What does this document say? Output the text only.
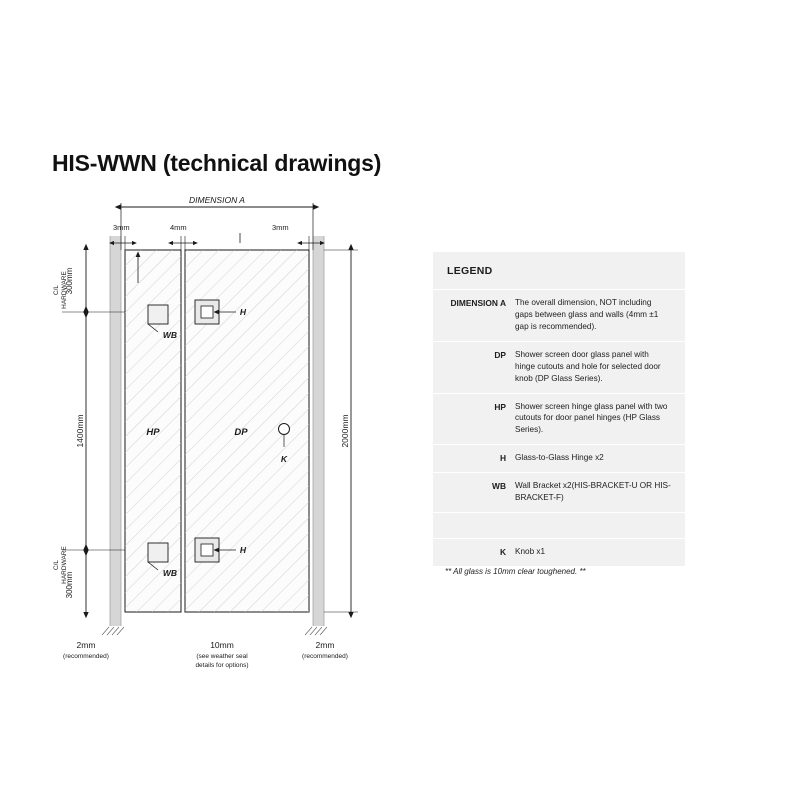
HIS-WWN (technical drawings)
HP	DP
DIMENSION A
3mm	4mm	3mm
2000mm
1400mm
300mm
C/L HARDWARE
300mm
C/L HARDWARE
H
WB
H
WB
K
2mm
(recommended)
10mm
(see weather seal
details for options)
2mm
(recommended)
LEGEND
DIMENSION A	The overall dimension, NOT including gaps between glass and walls (4mm ±1 gap is recommended).
DP	Shower screen door glass panel with hinge cutouts and hole for selected door knob (DP Glass Series).
HP	Shower screen hinge glass panel with two cutouts for door panel hinges (HP Glass Series).
H	Glass-to-Glass Hinge x2
WB	Wall Bracket x2(HIS-BRACKET-U OR HIS-BRACKET-F)
K	Knob x1
** All glass is 10mm clear toughened. **
